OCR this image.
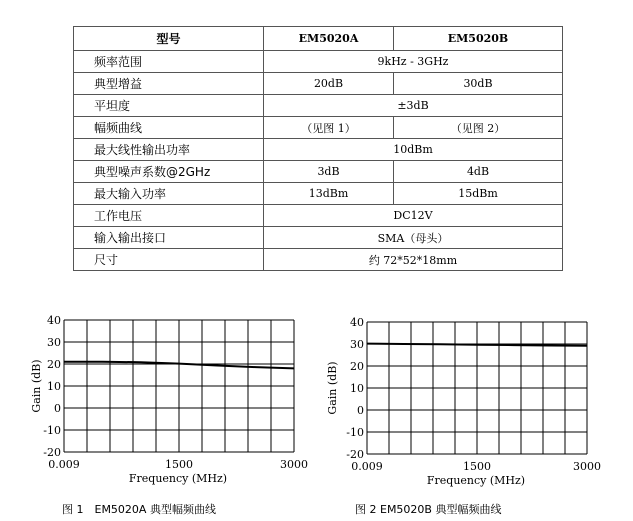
型号	EM5020A	EM5020B
频率范围	9kHz - 3GHz	
典型增益	20dB	30dB
平坦度	±3dB	
幅频曲线	（见图 1）	（见图 2）
最大线性输出功率	10dBm	
典型噪声系数@2GHz	3dB	4dB
最大输入功率	13dBm	15dBm
工作电压	DC12V	
输入输出接口	SMA（母头）	
尺寸	约 72*52*18mm	
40
30
20
10
0
-10
-20
0.009	1500	3000
Frequency (MHz)
Gain (dB)
40
30
20
10
0
-10
-20
0.009	1500	3000
Frequency (MHz)
Gain (dB)
图 1　EM5020A 典型幅频曲线	图 2 EM5020B 典型幅频曲线
